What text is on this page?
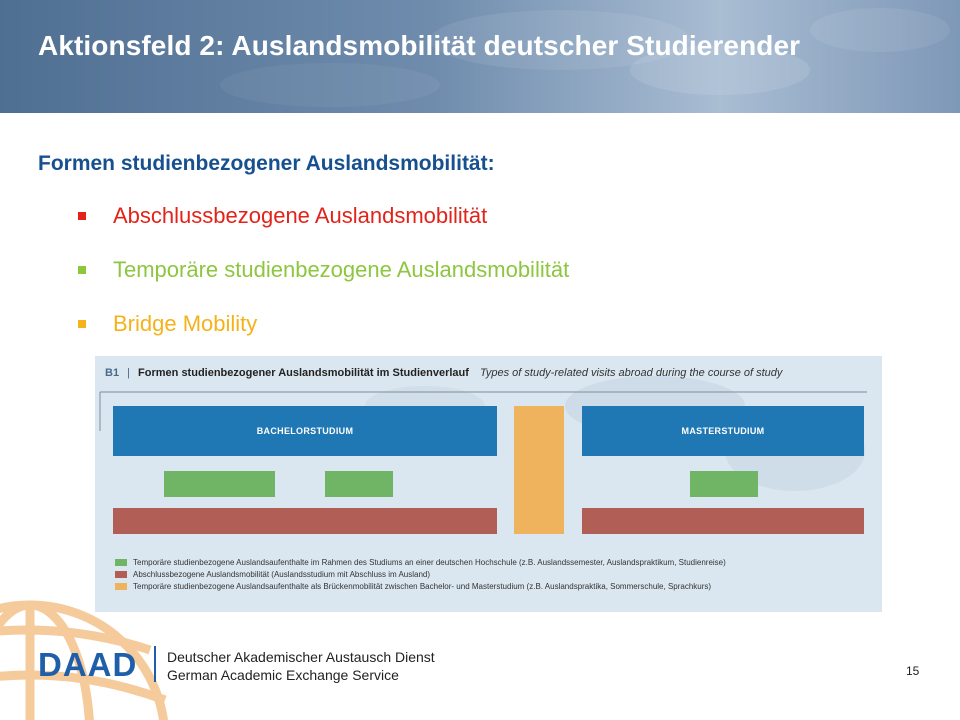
Aktionsfeld 2: Auslandsmobilität deutscher Studierender
Formen studienbezogener Auslandsmobilität:
Abschlussbezogene Auslandsmobilität
Temporäre studienbezogene Auslandsmobilität
Bridge Mobility
B1 | Formen studienbezogener Auslandsmobilität im Studienverlauf Types of study-related visits abroad during the course of study
BACHELORSTUDIUM	MASTERSTUDIUM
Temporäre studienbezogene Auslandsaufenthalte im Rahmen des Studiums an einer deutschen Hochschule (z.B. Auslandssemester, Auslandspraktikum, Studienreise)
Abschlussbezogene Auslandsmobilität (Auslandsstudium mit Abschluss im Ausland)
Temporäre studienbezogene Auslandsaufenthalte als Brückenmobilität zwischen Bachelor- und Masterstudium (z.B. Auslandspraktika, Sommerschule, Sprachkurs)
DAAD Deutscher Akademischer Austausch Dienst
German Academic Exchange Service	15
